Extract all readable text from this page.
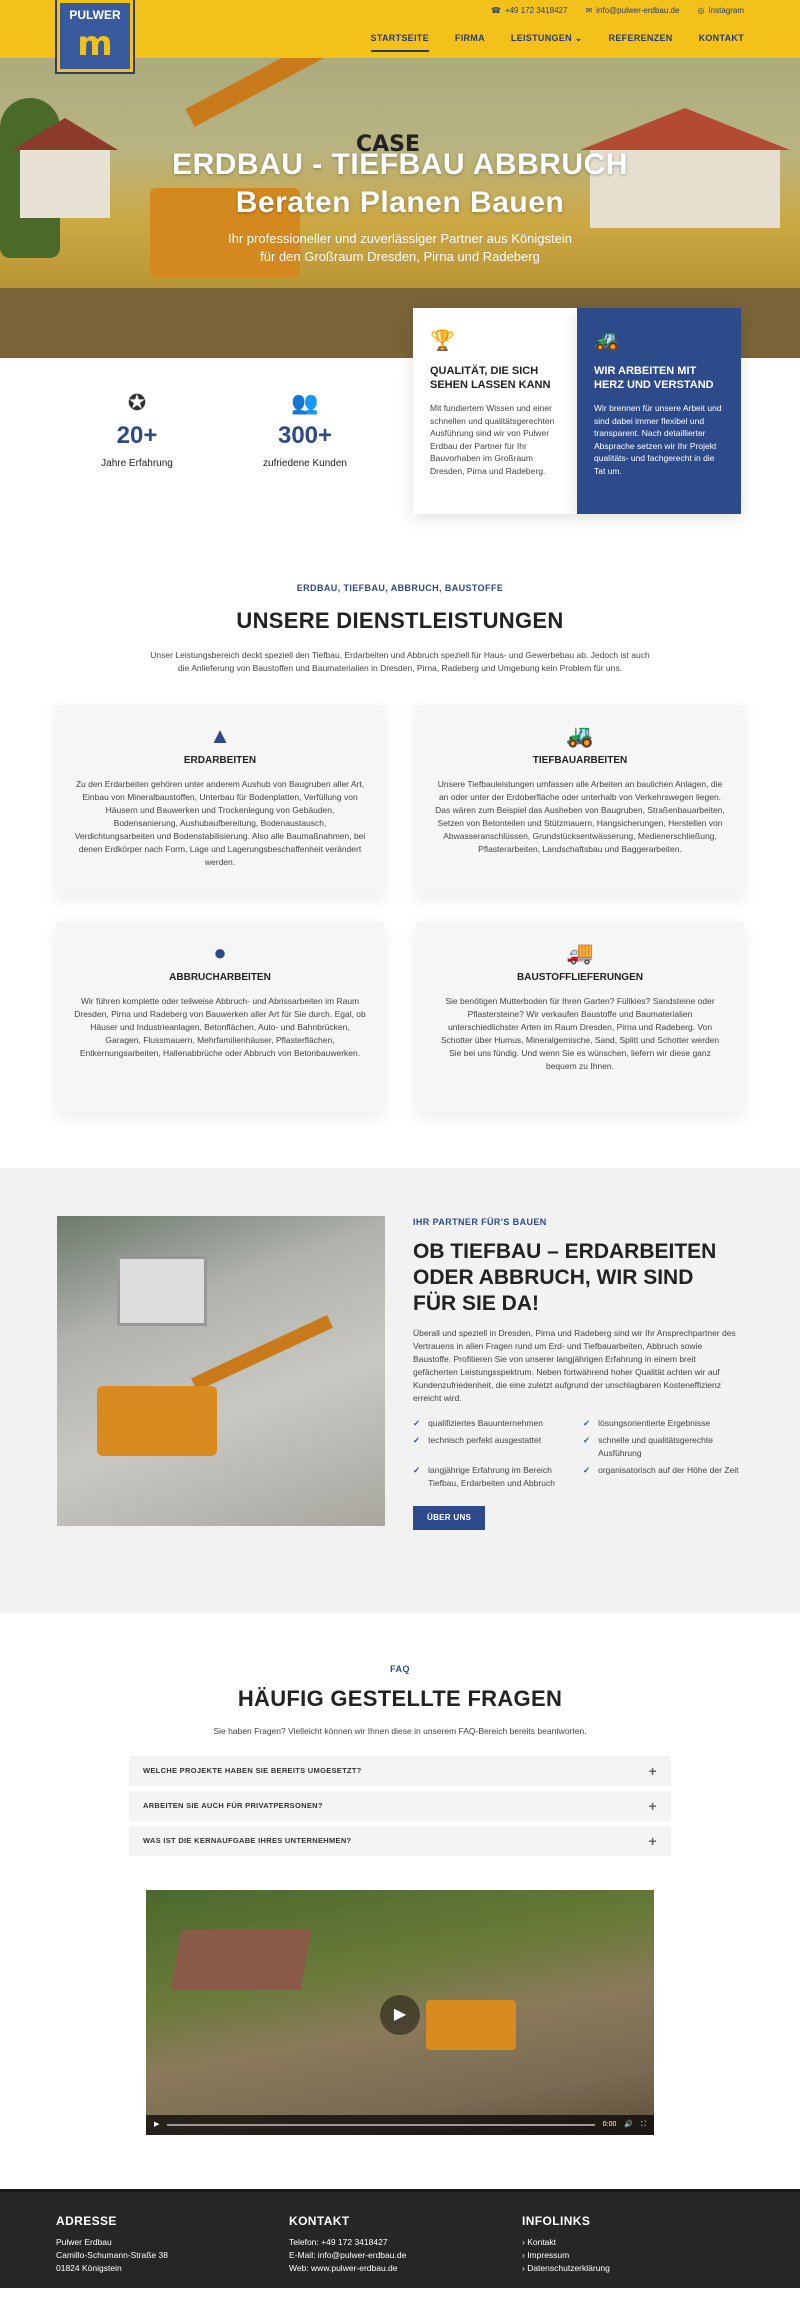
☎ +49 172 3418427 ✉ info@pulwer-erdbau.de ◎ Instagram
PULWER
m	STARTSEITE	FIRMA	LEISTUNGEN ⌄	REFERENZEN	KONTAKT
CASE
ERDBAU - TIEFBAU ABBRUCH
Beraten Planen Bauen

Ihr professioneller und zuverlässiger Partner aus Königstein
für den Großraum Dresden, Pirna und Radeberg

✪
20+
Jahre Erfahrung
👥
300+
zufriedene Kunden
🏆
QUALITÄT, DIE SICH SEHEN LASSEN KANN

Mit fundiertem Wissen und einer schnellen und qualitätsgerechten Ausführung sind wir von Pulwer Erdbau der Partner für Ihr Bauvorhaben im Großraum Dresden, Pirna und Radeberg.

🚜
WIR ARBEITEN MIT HERZ UND VERSTAND

Wir brennen für unsere Arbeit und sind dabei immer flexibel und transparent. Nach detaillierter Absprache setzen wir Ihr Projekt qualitäts- und fachgerecht in die Tat um.

ERDBAU, TIEFBAU, ABBRUCH, BAUSTOFFE
UNSERE DIENSTLEISTUNGEN
Unser Leistungsbereich deckt speziell den Tiefbau, Erdarbeiten und Abbruch speziell für Haus- und Gewerbebau ab. Jedoch ist auch die Anlieferung von Baustoffen und Baumaterialien in Dresden, Pirna, Radeberg und Umgebung kein Problem für uns.
▲
ERDARBEITEN

Zu den Erdarbeiten gehören unter anderem Aushub von Baugruben aller Art, Einbau von Mineralbaustoffen, Unterbau für Bodenplatten, Verfüllung von Häusern und Bauwerken und Trockenlegung von Gebäuden, Bodensanierung, Aushubaufbereitung, Bodenaustausch, Verdichtungsarbeiten und Bodenstabilisierung. Also alle Baumaßnahmen, bei denen Erdkörper nach Form, Lage und Lagerungsbeschaffenheit verändert werden.

🚜
TIEFBAUARBEITEN

Unsere Tiefbauleistungen umfassen alle Arbeiten an baulichen Anlagen, die an oder unter der Erdoberfläche oder unterhalb von Verkehrswegen liegen. Das wären zum Beispiel das Ausheben von Baugruben, Straßenbauarbeiten, Setzen von Betonteilen und Stützmauern, Hangsicherungen, Herstellen von Abwasseranschlüssen, Grundstücksentwässerung, Medienerschließung, Pflasterarbeiten, Landschaftsbau und Baggerarbeiten.

●
ABBRUCHARBEITEN

Wir führen komplette oder teilweise Abbruch- und Abrissarbeiten im Raum Dresden, Pirna und Radeberg von Bauwerken aller Art für Sie durch. Egal, ob Häuser und Industrieanlagen, Betonflächen, Auto- und Bahnbrücken, Garagen, Flussmauern, Mehrfamilienhäuser, Pflasterflächen, Entkernungsarbeiten, Hallenabbrüche oder Abbruch von Betonbauwerken.

🚚
BAUSTOFFLIEFERUNGEN

Sie benötigen Mutterboden für Ihren Garten? Füllkies? Sandsteine oder Pflastersteine? Wir verkaufen Baustoffe und Baumaterialien unterschiedlichster Arten im Raum Dresden, Pirna und Radeberg. Von Schotter über Humus, Mineralgemische, Sand, Splitt und Schotter werden Sie bei uns fündig. Und wenn Sie es wünschen, liefern wir diese ganz bequem zu Ihnen.

IHR PARTNER FÜR'S BAUEN
OB TIEFBAU – ERDARBEITEN ODER ABBRUCH, WIR SIND FÜR SIE DA!

Überall und speziell in Dresden, Pirna und Radeberg sind wir Ihr Ansprechpartner des Vertrauens in allen Fragen rund um Erd- und Tiefbauarbeiten, Abbruch sowie Baustoffe. Profitieren Sie von unserer langjährigen Erfahrung in einem breit gefächerten Leistungsspektrum. Neben fortwährend hoher Qualität achten wir auf Kundenzufriedenheit, die eine zuletzt aufgrund der unschlagbaren Kosteneffizienz erreicht wird.

✓ qualifiziertes Bauunternehmen	✓ lösungsorientierte Ergebnisse
✓ technisch perfekt ausgestattet	✓ schnelle und qualitätsgerechte Ausführung
✓ langjährige Erfahrung im Bereich Tiefbau, Erdarbeiten und Abbruch
✓ organisatorisch auf der Höhe der Zeit
ÜBER UNS
FAQ
HÄUFIG GESTELLTE FRAGEN
Sie haben Fragen? Vielleicht können wir Ihnen diese in unserem FAQ-Bereich bereits beantworten.
WELCHE PROJEKTE HABEN SIE BEREITS UMGESETZT?	+
ARBEITEN SIE AUCH FÜR PRIVATPERSONEN?	+
WAS IST DIE KERNAUFGABE IHRES UNTERNEHMEN?	+
▶
▶	0:00 🔊 ⛶
ADRESSE
Pulwer Erdbau
Camillo-Schumann-Straße 38
01824 Königstein
KONTAKT
Telefon: +49 172 3418427
E-Mail: info@pulwer-erdbau.de
Web: www.pulwer-erdbau.de
INFOLINKS
› Kontakt
› Impressum
› Datenschutzerklärung
